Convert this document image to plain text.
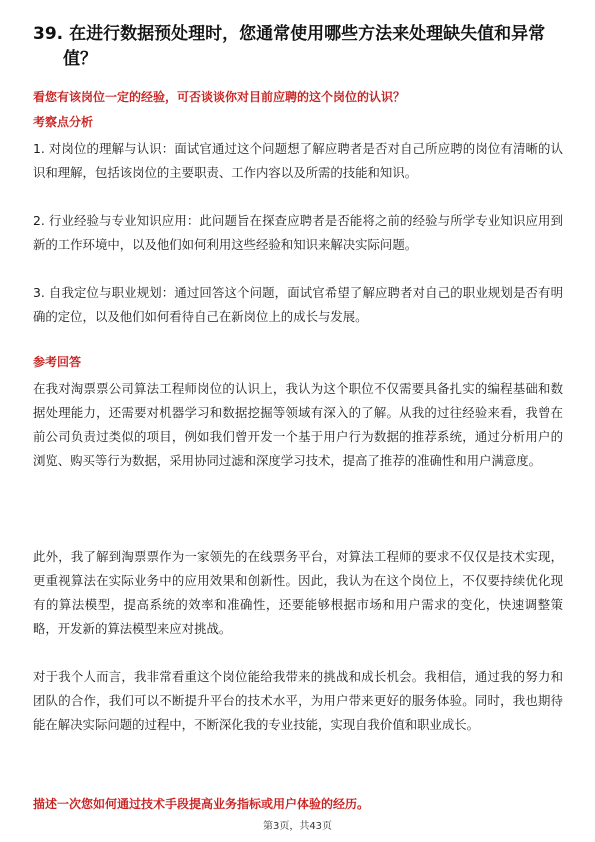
39. 在进行数据预处理时，您通常使用哪些方法来处理缺失值和异常
值？
看您有该岗位一定的经验，可否谈谈你对目前应聘的这个岗位的认识？
考察点分析
1. 对岗位的理解与认识：面试官通过这个问题想了解应聘者是否对自己所应聘的岗位有清晰的认识和理解，包括该岗位的主要职责、工作内容以及所需的技能和知识。
2. 行业经验与专业知识应用：此问题旨在探查应聘者是否能将之前的经验与所学专业知识应用到新的工作环境中，以及他们如何利用这些经验和知识来解决实际问题。
3. 自我定位与职业规划：通过回答这个问题，面试官希望了解应聘者对自己的职业规划是否有明确的定位，以及他们如何看待自己在新岗位上的成长与发展。
参考回答
在我对淘票票公司算法工程师岗位的认识上，我认为这个职位不仅需要具备扎实的编程基础和数据处理能力，还需要对机器学习和数据挖掘等领域有深入的了解。从我的过往经验来看，我曾在前公司负责过类似的项目，例如我们曾开发一个基于用户行为数据的推荐系统，通过分析用户的浏览、购买等行为数据，采用协同过滤和深度学习技术，提高了推荐的准确性和用户满意度。
此外，我了解到淘票票作为一家领先的在线票务平台，对算法工程师的要求不仅仅是技术实现，更重视算法在实际业务中的应用效果和创新性。因此，我认为在这个岗位上，不仅要持续优化现有的算法模型，提高系统的效率和准确性，还要能够根据市场和用户需求的变化，快速调整策略，开发新的算法模型来应对挑战。
对于我个人而言，我非常看重这个岗位能给我带来的挑战和成长机会。我相信，通过我的努力和团队的合作，我们可以不断提升平台的技术水平，为用户带来更好的服务体验。同时，我也期待能在解决实际问题的过程中，不断深化我的专业技能，实现自我价值和职业成长。
描述一次您如何通过技术手段提高业务指标或用户体验的经历。
第3页，共43页
